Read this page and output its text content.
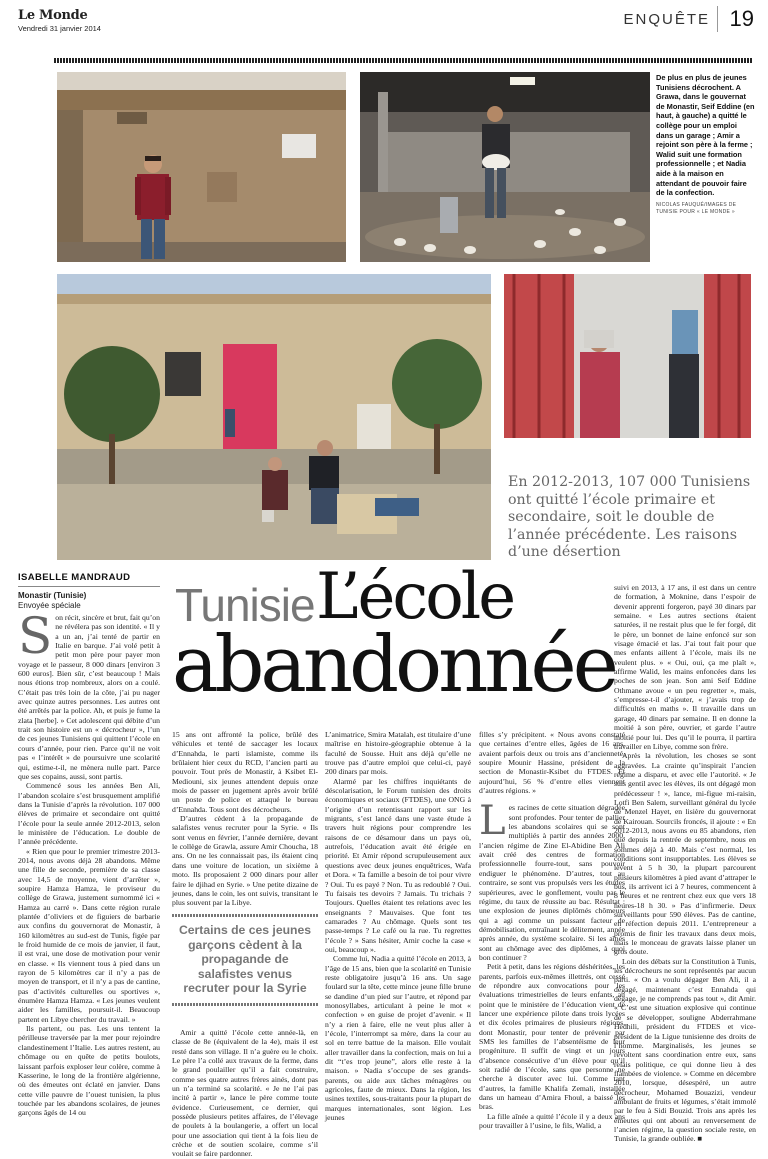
Le Monde
Vendredi 31 janvier 2014
ENQUÊTE 19
De plus en plus de jeunes Tunisiens décrochent. A Grawa, dans le gouvernat de Monastir, Seif Eddine (en haut, à gauche) a quitté le collège pour un emploi dans un garage ; Amir a rejoint son père à la ferme ; Walid suit une formation professionnelle ; et Nadia aide à la maison en attendant de pouvoir faire de la confection.
NICOLAS FAUQUÉ/IMAGES DE TUNISIE POUR « LE MONDE »
En 2012-2013, 107 000 Tunisiens ont quitté l’école primaire et secondaire, soit le double de l’année précédente. Les raisons d’une désertion
ISABELLE MANDRAUD
Monastir (Tunisie)
Envoyée spéciale Tunisie L’école
abandonnée

Son récit, sincère et brut, fait qu’on ne révélera pas son identité. « Il y a un an, j’ai tenté de partir en Italie en barque. J’ai volé petit à petit mon père pour payer mon voyage et le passeur, 8 000 dinars [environ 3 600 euros]. Bien sûr, c’est beaucoup ! Mais nous étions trop nombreux, alors on a coulé. C’était pas très loin de la côte, j’ai pu nager avec quinze autres personnes. Les autres ont été arrêtés par la police. Ah, et puis je fume la zlata [herbe]. » Cet adolescent qui débite d’un trait son histoire est un « décrocheur », l’un de ces jeunes Tunisiens qui quittent l’école en cours d’année, pour rien. Parce qu’il ne voit pas « l’intérêt » de poursuivre une scolarité qui, estime-t-il, ne mènera nulle part. Parce que ses copains, aussi, sont partis.

Commencé sous les années Ben Ali, l’abandon scolaire s’est brusquement amplifié dans la Tunisie d’après la révolution. 107 000 élèves de primaire et secondaire ont quitté l’école pour la seule année 2012-2013, selon le ministère de l’éducation. Le double de l’année précédente.

« Rien que pour le premier trimestre 2013-2014, nous avons déjà 28 abandons. Même une fille de seconde, première de sa classe avec 14,5 de moyenne, vient d’arrêter », soupire Hamza Hamza, le proviseur du collège de Grawa, justement surnommé ici « Hamza au carré ». Dans cette région rurale plantée d’oliviers et de figuiers de barbarie aux confins du gouvernorat de Monastir, à 160 kilomètres au sud-est de Tunis, figée par le froid humide de ce mois de janvier, il faut, il est vrai, une dose de motivation pour venir en classe. « Ils viennent tous à pied dans un rayon de 5 kilomètres car il n’y a pas de moyen de transport, et il n’y a pas de cantine, pas d’activités culturelles ou sportives », énumère Hamza Hamza. « Les jeunes veulent aider les familles, poursuit-il. Beaucoup partent en Libye chercher du travail. »

Ils partent, ou pas. Les uns tentent la périlleuse traversée par la mer pour rejoindre clandestinement l’Italie. Les autres restent, au chômage ou en quête de petits boulots, laissant parfois exploser leur colère, comme à Kasserine, le long de la frontière algérienne, où des émeutes ont éclaté en janvier. Dans cette ville pauvre de l’ouest tunisien, la plus touchée par les abandons scolaires, de jeunes garçons âgés de 14 ou

15 ans ont affronté la police, brûlé des véhicules et tenté de saccager les locaux d’Ennahda, le parti islamiste, comme ils brûlaient hier ceux du RCD, l’ancien parti au pouvoir. Tout près de Monastir, à Ksibet El-Mediouni, six jeunes attendent depuis onze mois de passer en jugement après avoir brûlé un poste de police et attaqué le bureau d’Ennahda. Tous sont des décrocheurs.

D’autres cèdent à la propagande de salafistes venus recruter pour la Syrie. « Ils sont venus en février, l’année dernière, devant le collège de Grawla, assure Amir Choucha, 18 ans. On ne les connaissait pas, ils étaient cinq dans une voiture de location, un sixième à moto. Ils proposaient 2 000 dinars pour aller faire le djihad en Syrie. » Une petite dizaine de jeunes, dans le coin, les ont suivis, transitant le plus souvent par la Libye.

Certains de ces jeunes garçons cèdent à la propagande de salafistes venus recruter pour la Syrie

Amir a quitté l’école cette année-là, en classe de 8e (équivalent de la 4e), mais il est resté dans son village. Il n’a guère eu le choix. Le père l’a collé aux travaux de la ferme, dans le grand poulailler qu’il a fait construire, comme ses quatre autres frères ainés, dont pas un n’a terminé sa scolarité. « Je ne l’ai pas incité à partir », lance le père comme toute évidence. Curieusement, ce dernier, qui possède plusieurs petites affaires, de l’élevage de poulets à la boulangerie, a offert un local pour une association qui tient à la fois lieu de crèche et de soutien scolaire, comme s’il voulait se faire pardonner.

L’animatrice, Smira Matalah, est titulaire d’une maîtrise en histoire-géographie obtenue à la faculté de Sousse. Huit ans déjà qu’elle ne trouve pas d’autre emploi que celui-ci, payé 200 dinars par mois.

Alarmé par les chiffres inquiétants de déscolarisation, le Forum tunisien des droits économiques et sociaux (FTDES), une ONG à l’origine d’un retentissant rapport sur les migrants, s’est lancé dans une vaste étude à travers huit régions pour comprendre les raisons de ce désamour dans un pays où, autrefois, l’éducation avait été érigée en priorité. Et Amir répond scrupuleusement aux questions avec deux jeunes enquêtrices, Wafa et Dora. « Ta famille a besoin de toi pour vivre ? Oui. Tu es payé ? Non. Tu as redoublé ? Oui. Tu faisais tes devoirs ? Jamais. Tu trichais ? Toujours. Quelles étaient tes relations avec les enseignants ? Mauvaises. Que font tes camarades ? Au chômage. Quels sont tes passe-temps ? Le café ou la rue. Tu regrettes l’école ? » Sans hésiter, Amir coche la case « oui, beaucoup ».

Comme lui, Nadia a quitté l’école en 2013, à l’âge de 15 ans, bien que la scolarité en Tunisie reste obligatoire jusqu’à 16 ans. Un sage foulard sur la tête, cette mince jeune fille brune se dandine d’un pied sur l’autre, et répond par monosyllabes, articulant à peine le mot « confection » en guise de projet d’avenir. « Il n’y a rien à faire, elle ne veut plus aller à l’école, l’interrompt sa mère, dans la cour au sol en terre battue de la maison. Elle voulait aller travailler dans la confection, mais on lui a dit “t’es trop jeune”, alors elle reste à la maison. » Nadia s’occupe de ses grands-parents, ou aide aux tâches ménagères ou agricoles, faute de mieux. Dans la région, les usines textiles, sous-traitants pour la plupart de marques internationales, sont légion. Les jeunes

filles s’y précipitent. « Nous avons constaté que certaines d’entre elles, âgées de 16 ans, avaient parfois deux ou trois ans d’ancienneté, soupire Mounir Hassine, président de la section de Monastir-Ksibet du FTDES. Et aujourd’hui, 56 % d’entre elles viennent d’autres régions. »

Les racines de cette situation dégradée sont profondes. Pour tenter de pallier les abandons scolaires qui se sont multipliés à partir des années 2000, l’ancien régime de Zine El-Abidine Ben Ali avait créé des centres de formation professionnelle fourre-tout, sans pouvoir endiguer le phénomène. D’autres, tout au contraire, se sont vus propulsés vers les études supérieures, avec le gonflement, voulu par le régime, du taux de réussite au bac. Résultat : une explosion de jeunes diplômés chômeurs qui a agi comme un puissant facteur de démobilisation, entraînant le délitement, année après année, du système scolaire. Si les aînés sont au chômage avec des diplômes, à quoi bon continuer ?

Petit à petit, dans les régions déshéritées, les parents, parfois eux-mêmes illettrés, ont cessé de répondre aux convocations pour les évaluations trimestrielles de leurs enfants, au point que le ministère de l’éducation vient de lancer une expérience pilote dans trois lycées et dix écoles primaires de plusieurs régions, dont Monastir, pour tenter de prévenir par SMS les familles de l’absentéisme de leur progéniture. Il suffit de vingt et un jours d’absence consécutive d’un élève pour qu’il soit radié de l’école, sans que personne ne cherche à discuter avec lui. Comme tant d’autres, la famille Khalifa Zemali, installée dans un hameau d’Amira Fhoul, a baissé les bras.

La fille aînée a quitté l’école il y a deux ans pour travailler à l’usine, le fils, Walid, a

suivi en 2013, à 17 ans, il est dans un centre de formation, à Moknine, dans l’espoir de devenir apprenti forgeron, payé 30 dinars par semaine. « Les autres sections étaient saturées, il ne restait plus que le fer forgé, dit le père, un bonnet de laine enfoncé sur son visage émacié et las. J’ai tout fait pour que mes enfants aillent à l’école, mais ils ne veulent plus. » « Oui, oui, ça me plaît », affirme Walid, les mains enfoncées dans les poches de son jean. Son ami Seif Eddine Othmane avoue « un peu regretter », mais, s’empresse-t-il d’ajouter, « j’avais trop de difficultés en maths ». Il travaille dans un garage, 40 dinars par semaine. Il en donne la moitié à son père, ouvrier, et garde l’autre moitié pour lui. Des qu’il le pourra, il partira travailler en Libye, comme son frère.

Après la révolution, les choses se sont aggravées. La crainte qu’inspirait l’ancien régime a disparu, et avec elle l’autorité. « Je suis gentil avec les élèves, ils ont dégagé mon prédécesseur ! », lance, mi-figue mi-raisin, Lotfi Ben Salem, surveillant général du lycée de Menzel Hayet, en lisière du gouvernorat de Kairouan. Sourcils froncés, il ajoute : « En 2012-2013, nous avons eu 85 abandons, rien que depuis la rentrée de septembre, nous en sommes déjà à 40. Mais c’est normal, les conditions sont insupportables. Les élèves se lèvent à 5 h 30, la plupart parcourent plusieurs kilomètres à pied avant d’attraper le bus, ils arrivent ici à 7 heures, commencent à 8 heures et ne rentrent chez eux que vers 18 heures-18 h 30. » Pas d’infirmerie. Deux surveillants pour 590 élèves. Pas de cantine, en réfection depuis 2011. L’entrepreneur a promis de finir les travaux dans deux mois, mais le monceau de gravats laisse planer un gros doute.

Loin des débats sur la Constitution à Tunis, les décrocheurs ne sont représentés par aucun parti. « On a voulu dégager Ben Ali, il a dégagé, maintenant c’est Ennahda qui dégage, je ne comprends pas tout », dit Amir. « C’est une situation explosive qui continue de se développer, souligne Abderrahmane Hedhili, président du FTDES et vice-président de la Ligue tunisienne des droits de l’homme. Marginalisés, les jeunes se révoltent sans coordination entre eux, sans relais politique, ce qui donne lieu à des flambées de violence. » Comme en décembre 2010, lorsque, désespéré, un autre décrocheur, Mohamed Bouazizi, vendeur ambulant de fruits et légumes, s’était immolé par le feu à Sidi Bouzid. Trois ans après les émeutes qui ont abouti au renversement de l’ancien régime, la question sociale reste, en Tunisie, la grande oubliée. ■
